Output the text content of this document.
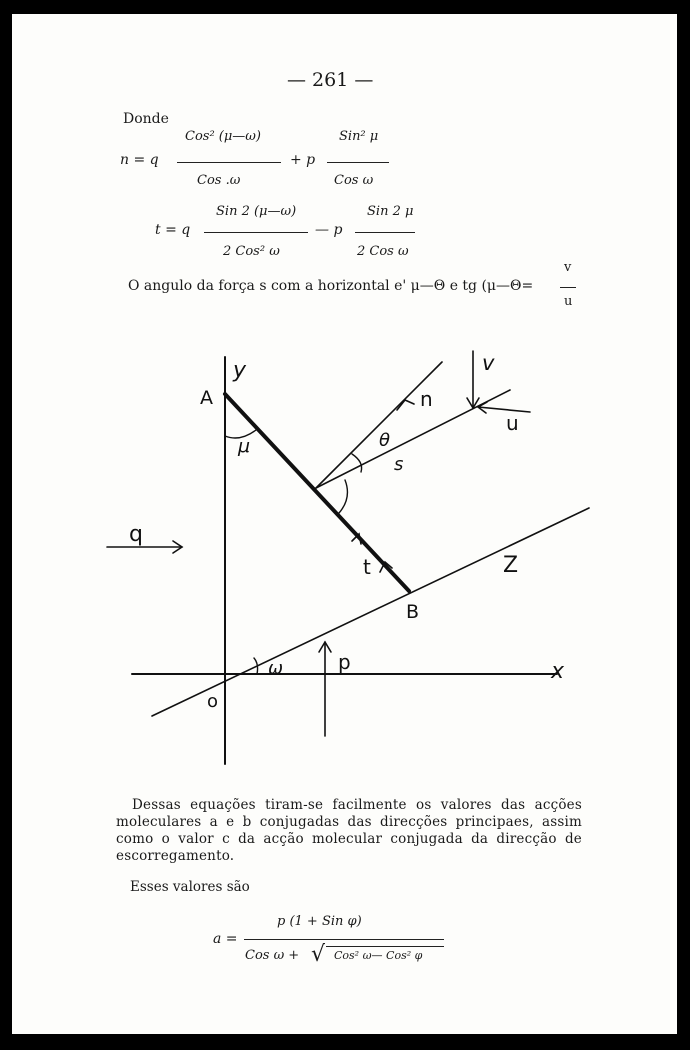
— 261 —
Donde
n = q
Cos² (μ—ω)
Cos .ω
+ p
Sin² μ
Cos ω
t = q
Sin 2 (μ—ω)
2 Cos² ω
— p
Sin 2 μ
2 Cos ω
O angulo da força s com a horizontal e' μ—Θ e tg (μ—Θ=
v
u
y
A
μ
n
v
u
θ
s
q
t	Z
B
ω	p	x
o
Dessas equações tiram-se facilmente os valores das acções moleculares a e b conjugadas das direcções principaes, assim como o valor c da acção molecular conjugada da direcção de escorregamento.
Esses valores são
a =
p (1 + Sin φ)
Cos ω + √ Cos² ω— Cos² φ
